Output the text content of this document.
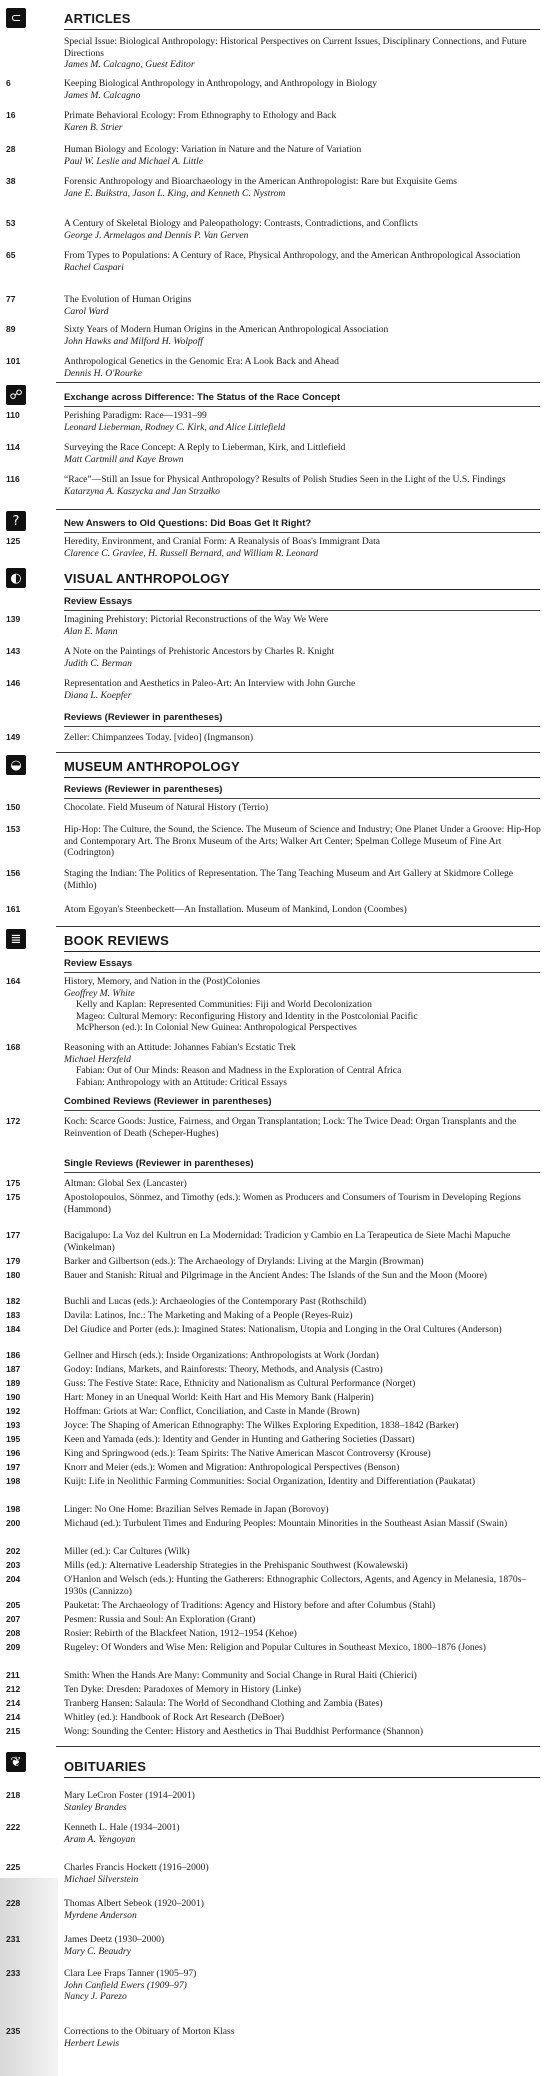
⊂	ARTICLES
Special Issue: Biological Anthropology: Historical Perspectives on Current Issues, Disciplinary Connections, and Future Directions
James M. Calcagno, Guest Editor
6	Keeping Biological Anthropology in Anthropology, and Anthropology in Biology
James M. Calcagno
16	Primate Behavioral Ecology: From Ethnography to Ethology and Back
Karen B. Strier
28	Human Biology and Ecology: Variation in Nature and the Nature of Variation
Paul W. Leslie and Michael A. Little
38	Forensic Anthropology and Bioarchaeology in the American Anthropologist: Rare but Exquisite Gems
Jane E. Buikstra, Jason L. King, and Kenneth C. Nystrom
53	A Century of Skeletal Biology and Paleopathology: Contrasts, Contradictions, and Conflicts
George J. Armelagos and Dennis P. Van Gerven
65	From Types to Populations: A Century of Race, Physical Anthropology, and the American Anthropological Association
Rachel Caspari
77	The Evolution of Human Origins
Carol Ward
89	Sixty Years of Modern Human Origins in the American Anthropological Association
John Hawks and Milford H. Wolpoff
101	Anthropological Genetics in the Genomic Era: A Look Back and Ahead
Dennis H. O'Rourke
☍	Exchange across Difference: The Status of the Race Concept
110	Perishing Paradigm: Race—1931–99
Leonard Lieberman, Rodney C. Kirk, and Alice Littlefield
114	Surveying the Race Concept: A Reply to Lieberman, Kirk, and Littlefield
Matt Cartmill and Kaye Brown
116	“Race”—Still an Issue for Physical Anthropology? Results of Polish Studies Seen in the Light of the U.S. Findings
Katarzyna A. Kaszycka and Jan Strzałko
?	New Answers to Old Questions: Did Boas Get It Right?
125	Heredity, Environment, and Cranial Form: A Reanalysis of Boas's Immigrant Data
Clarence C. Gravlee, H. Russell Bernard, and William R. Leonard
◐	VISUAL ANTHROPOLOGY
Review Essays
139	Imagining Prehistory: Pictorial Reconstructions of the Way We Were
Alan E. Mann
143	A Note on the Paintings of Prehistoric Ancestors by Charles R. Knight
Judith C. Berman
146	Representation and Aesthetics in Paleo-Art: An Interview with John Gurche
Diana L. Koepfer
Reviews (Reviewer in parentheses)
149	Zeller: Chimpanzees Today. [video] (Ingmanson)
◒	MUSEUM ANTHROPOLOGY
Reviews (Reviewer in parentheses)
150	Chocolate. Field Museum of Natural History (Terrio)
153	Hip-Hop: The Culture, the Sound, the Science. The Museum of Science and Industry; One Planet Under a Groove: Hip-Hop and Contemporary Art. The Bronx Museum of the Arts; Walker Art Center; Spelman College Museum of Fine Art (Codrington)
156	Staging the Indian: The Politics of Representation. The Tang Teaching Museum and Art Gallery at Skidmore College (Mithlo)
161	Atom Egoyan's Steenbeckett—An Installation. Museum of Mankind, London (Coombes)
≣	BOOK REVIEWS
Review Essays
164	History, Memory, and Nation in the (Post)Colonies
Geoffrey M. White
Kelly and Kaplan: Represented Communities: Fiji and World Decolonization
Mageo: Cultural Memory: Reconfiguring History and Identity in the Postcolonial Pacific
McPherson (ed.): In Colonial New Guinea: Anthropological Perspectives
168	Reasoning with an Attitude: Johannes Fabian's Ecstatic Trek
Michael Herzfeld
Fabian: Out of Our Minds: Reason and Madness in the Exploration of Central Africa
Fabian: Anthropology with an Attitude: Critical Essays
Combined Reviews (Reviewer in parentheses)
172	Koch: Scarce Goods: Justice, Fairness, and Organ Transplantation; Lock: The Twice Dead: Organ Transplants and the Reinvention of Death (Scheper-Hughes)
Single Reviews (Reviewer in parentheses)
175	Altman: Global Sex (Lancaster)
175	Apostolopoulos, Sönmez, and Timothy (eds.): Women as Producers and Consumers of Tourism in Developing Regions (Hammond)
177	Bacigalupo: La Voz del Kultrun en La Modernidad: Tradicion y Cambio en La Terapeutica de Siete Machi Mapuche (Winkelman)
179	Barker and Gilbertson (eds.): The Archaeology of Drylands: Living at the Margin (Browman)
180	Bauer and Stanish: Ritual and Pilgrimage in the Ancient Andes: The Islands of the Sun and the Moon (Moore)
182	Buchli and Lucas (eds.): Archaeologies of the Contemporary Past (Rothschild)
183	Davila: Latinos, Inc.: The Marketing and Making of a People (Reyes-Ruiz)
184	Del Giudice and Porter (eds.): Imagined States: Nationalism, Utopia and Longing in the Oral Cultures (Anderson)
186	Gellner and Hirsch (eds.): Inside Organizations: Anthropologists at Work (Jordan)
187	Godoy: Indians, Markets, and Rainforests: Theory, Methods, and Analysis (Castro)
189	Guss: The Festive State: Race, Ethnicity and Nationalism as Cultural Performance (Norget)
190	Hart: Money in an Unequal World: Keith Hart and His Memory Bank (Halperin)
192	Hoffman: Griots at War: Conflict, Conciliation, and Caste in Mande (Brown)
193	Joyce: The Shaping of American Ethnography: The Wilkes Exploring Expedition, 1838–1842 (Barker)
195	Keen and Yamada (eds.): Identity and Gender in Hunting and Gathering Societies (Dassart)
196	King and Springwood (eds.): Team Spirits: The Native American Mascot Controversy (Krouse)
197	Knorr and Meier (eds.): Women and Migration: Anthropological Perspectives (Benson)
198	Kuijt: Life in Neolithic Farming Communities: Social Organization, Identity and Differentiation (Paukatat)
198	Linger: No One Home: Brazilian Selves Remade in Japan (Borovoy)
200	Michaud (ed.): Turbulent Times and Enduring Peoples: Mountain Minorities in the Southeast Asian Massif (Swain)
202	Miller (ed.): Car Cultures (Wilk)
203	Mills (ed.): Alternative Leadership Strategies in the Prehispanic Southwest (Kowalewski)
204	O'Hanlon and Welsch (eds.): Hunting the Gatherers: Ethnographic Collectors, Agents, and Agency in Melanesia, 1870s–1930s (Cannizzo)
205	Pauketat: The Archaeology of Traditions: Agency and History before and after Columbus (Stahl)
207	Pesmen: Russia and Soul: An Exploration (Grant)
208	Rosier: Rebirth of the Blackfeet Nation, 1912–1954 (Kehoe)
209	Rugeley: Of Wonders and Wise Men: Religion and Popular Cultures in Southeast Mexico, 1800–1876 (Jones)
211	Smith: When the Hands Are Many: Community and Social Change in Rural Haiti (Chierici)
212	Ten Dyke: Dresden: Paradoxes of Memory in History (Linke)
214	Tranberg Hansen: Salaula: The World of Secondhand Clothing and Zambia (Bates)
214	Whitley (ed.): Handbook of Rock Art Research (DeBoer)
215	Wong: Sounding the Center: History and Aesthetics in Thai Buddhist Performance (Shannon)
❦	OBITUARIES
218	Mary LeCron Foster (1914–2001)
Stanley Brandes
222	Kenneth L. Hale (1934–2001)
Aram A. Yengoyan
225	Charles Francis Hockett (1916–2000)
Michael Silverstein
228	Thomas Albert Sebeok (1920–2001)
Myrdene Anderson
231	James Deetz (1930–2000)
Mary C. Beaudry
233	Clara Lee Fraps Tanner (1905–97)
John Canfield Ewers (1909–97)
Nancy J. Parezo
235	Corrections to the Obituary of Morton Klass
Herbert Lewis
